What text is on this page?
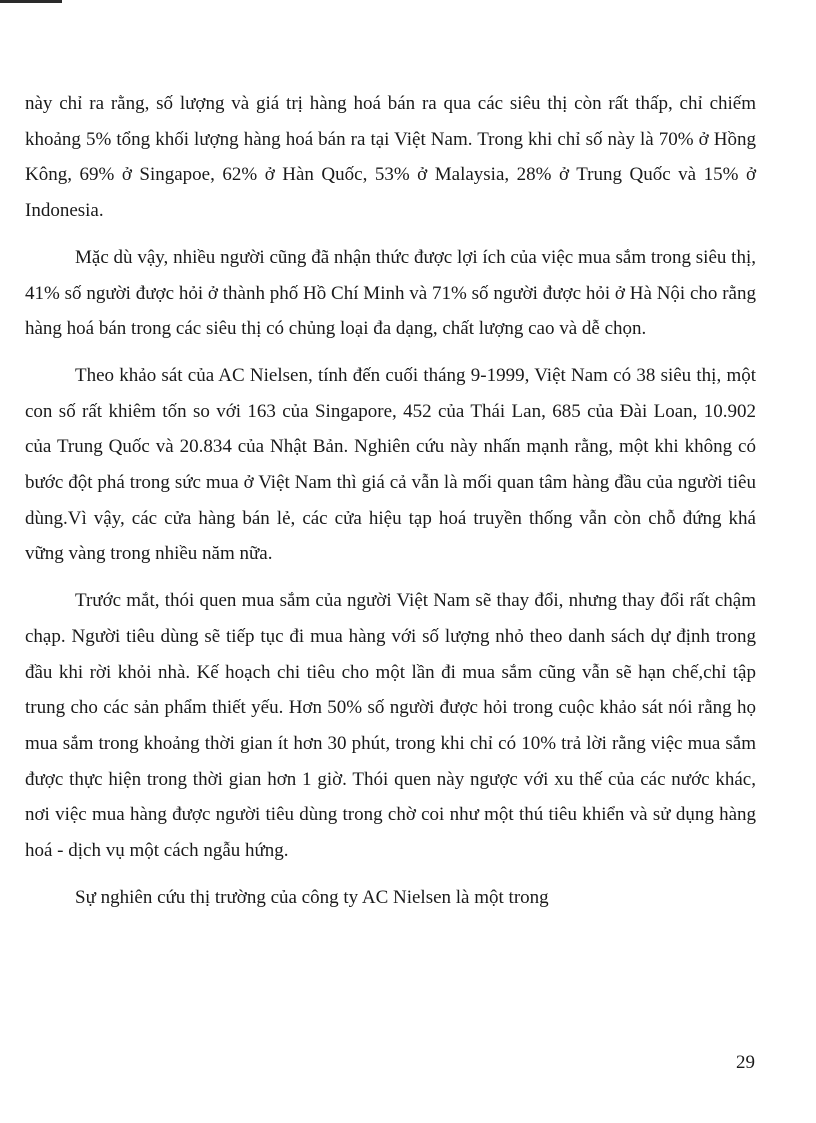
này chỉ ra rằng, số lượng và giá trị hàng hoá bán ra qua các siêu thị còn rất thấp, chỉ chiếm khoảng 5% tổng khối lượng hàng hoá bán ra tại Việt Nam. Trong khi chỉ số này là 70% ở Hồng Kông, 69% ở Singapoe, 62% ở Hàn Quốc, 53% ở Malaysia, 28% ở Trung Quốc và 15% ở Indonesia.

Mặc dù vậy, nhiều người cũng đã nhận thức được lợi ích của việc mua sắm trong siêu thị, 41% số người được hỏi ở thành phố Hồ Chí Minh và 71% số người được hỏi ở Hà Nội cho rằng hàng hoá bán trong các siêu thị có chủng loại đa dạng, chất lượng cao và dễ chọn.

Theo khảo sát của AC Nielsen, tính đến cuối tháng 9-1999, Việt Nam có 38 siêu thị, một con số rất khiêm tốn so với 163 của Singapore, 452 của Thái Lan, 685 của Đài Loan, 10.902 của Trung Quốc và 20.834 của Nhật Bản. Nghiên cứu này nhấn mạnh rằng, một khi không có bước đột phá trong sức mua ở Việt Nam thì giá cả vẫn là mối quan tâm hàng đầu của người tiêu dùng.Vì vậy, các cửa hàng bán lẻ, các cửa hiệu tạp hoá truyền thống vẫn còn chỗ đứng khá vững vàng trong nhiều năm nữa.

Trước mắt, thói quen mua sắm của người Việt Nam sẽ thay đổi, nhưng thay đổi rất chậm chạp. Người tiêu dùng sẽ tiếp tục đi mua hàng với số lượng nhỏ theo danh sách dự định trong đầu khi rời khỏi nhà. Kế hoạch chi tiêu cho một lần đi mua sắm cũng vẫn sẽ hạn chế,chỉ tập trung cho các sản phẩm thiết yếu. Hơn 50% số người được hỏi trong cuộc khảo sát nói rằng họ mua sắm trong khoảng thời gian ít hơn 30 phút, trong khi chỉ có 10% trả lời rằng việc mua sắm được thực hiện trong thời gian hơn 1 giờ. Thói quen này ngược với xu thế của các nước khác, nơi việc mua hàng được người tiêu dùng trong chờ coi như một thú tiêu khiển và sử dụng hàng hoá - dịch vụ một cách ngẫu hứng.

Sự nghiên cứu thị trường của công ty AC Nielsen là một trong

29
